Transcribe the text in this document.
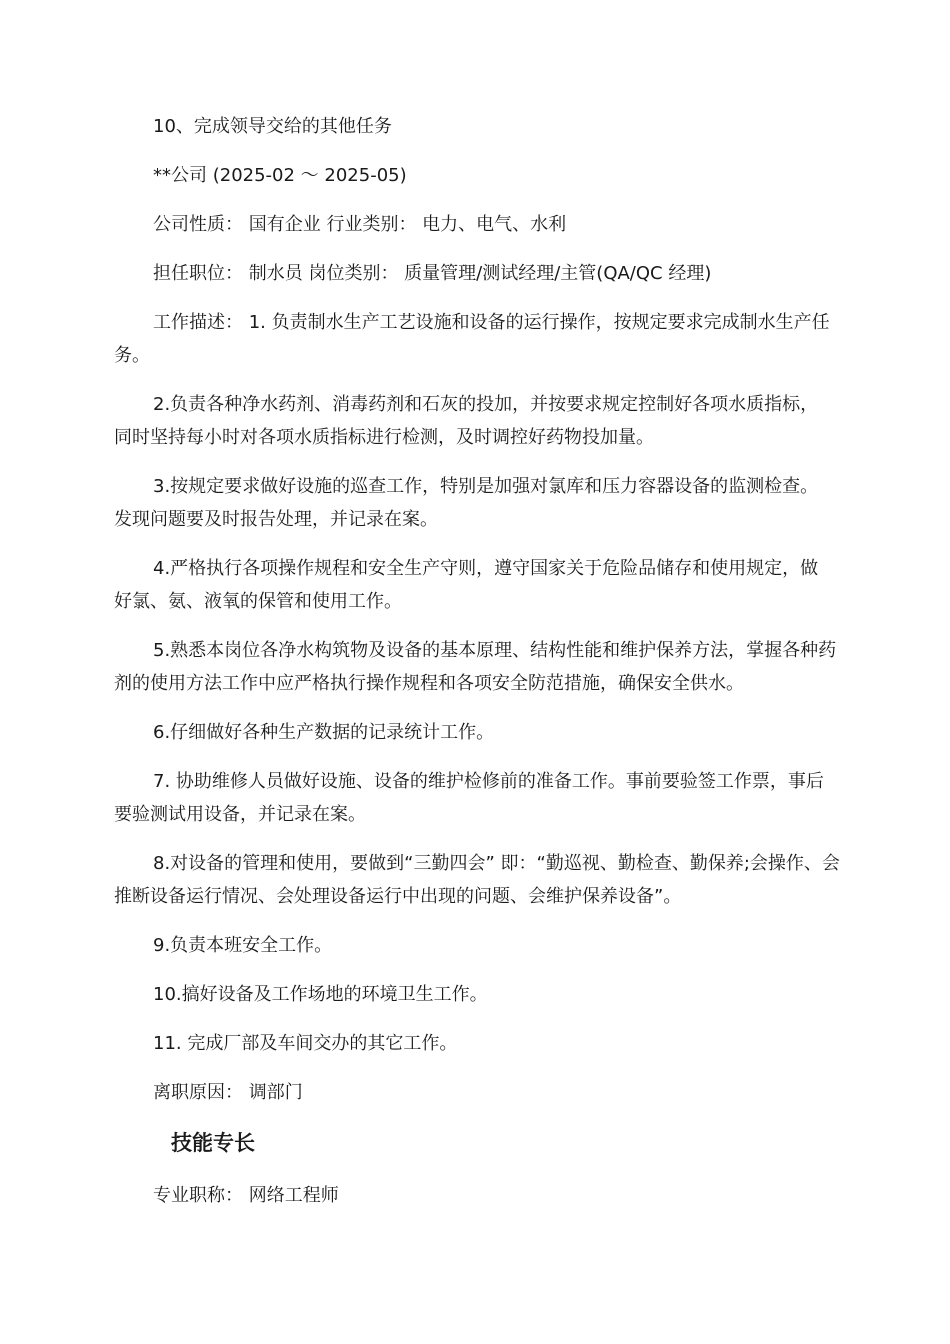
10、完成领导交给的其他任务
**公司 (2025-02 ～ 2025-05)
公司性质： 国有企业 行业类别： 电力、电气、水利
担任职位： 制水员 岗位类别： 质量管理/测试经理/主管(QA/QC 经理)
工作描述： 1. 负责制水生产工艺设施和设备的运行操作，按规定要求完成制水生产任务。
2.负责各种净水药剂、消毒药剂和石灰的投加，并按要求规定控制好各项水质指标，同时坚持每小时对各项水质指标进行检测，及时调控好药物投加量。
3.按规定要求做好设施的巡查工作，特别是加强对氯库和压力容器设备的监测检查。发现问题要及时报告处理，并记录在案。
4.严格执行各项操作规程和安全生产守则，遵守国家关于危险品储存和使用规定，做好氯、氨、液氧的保管和使用工作。
5.熟悉本岗位各净水构筑物及设备的基本原理、结构性能和维护保养方法，掌握各种药剂的使用方法工作中应严格执行操作规程和各项安全防范措施，确保安全供水。
6.仔细做好各种生产数据的记录统计工作。
7. 协助维修人员做好设施、设备的维护检修前的准备工作。事前要验签工作票，事后要验测试用设备，并记录在案。
8.对设备的管理和使用，要做到“三勤四会” 即：“勤巡视、勤检查、勤保养;会操作、会推断设备运行情况、会处理设备运行中出现的问题、会维护保养设备”。
9.负责本班安全工作。
10.搞好设备及工作场地的环境卫生工作。
11. 完成厂部及车间交办的其它工作。
离职原因： 调部门
技能专长
专业职称： 网络工程师
